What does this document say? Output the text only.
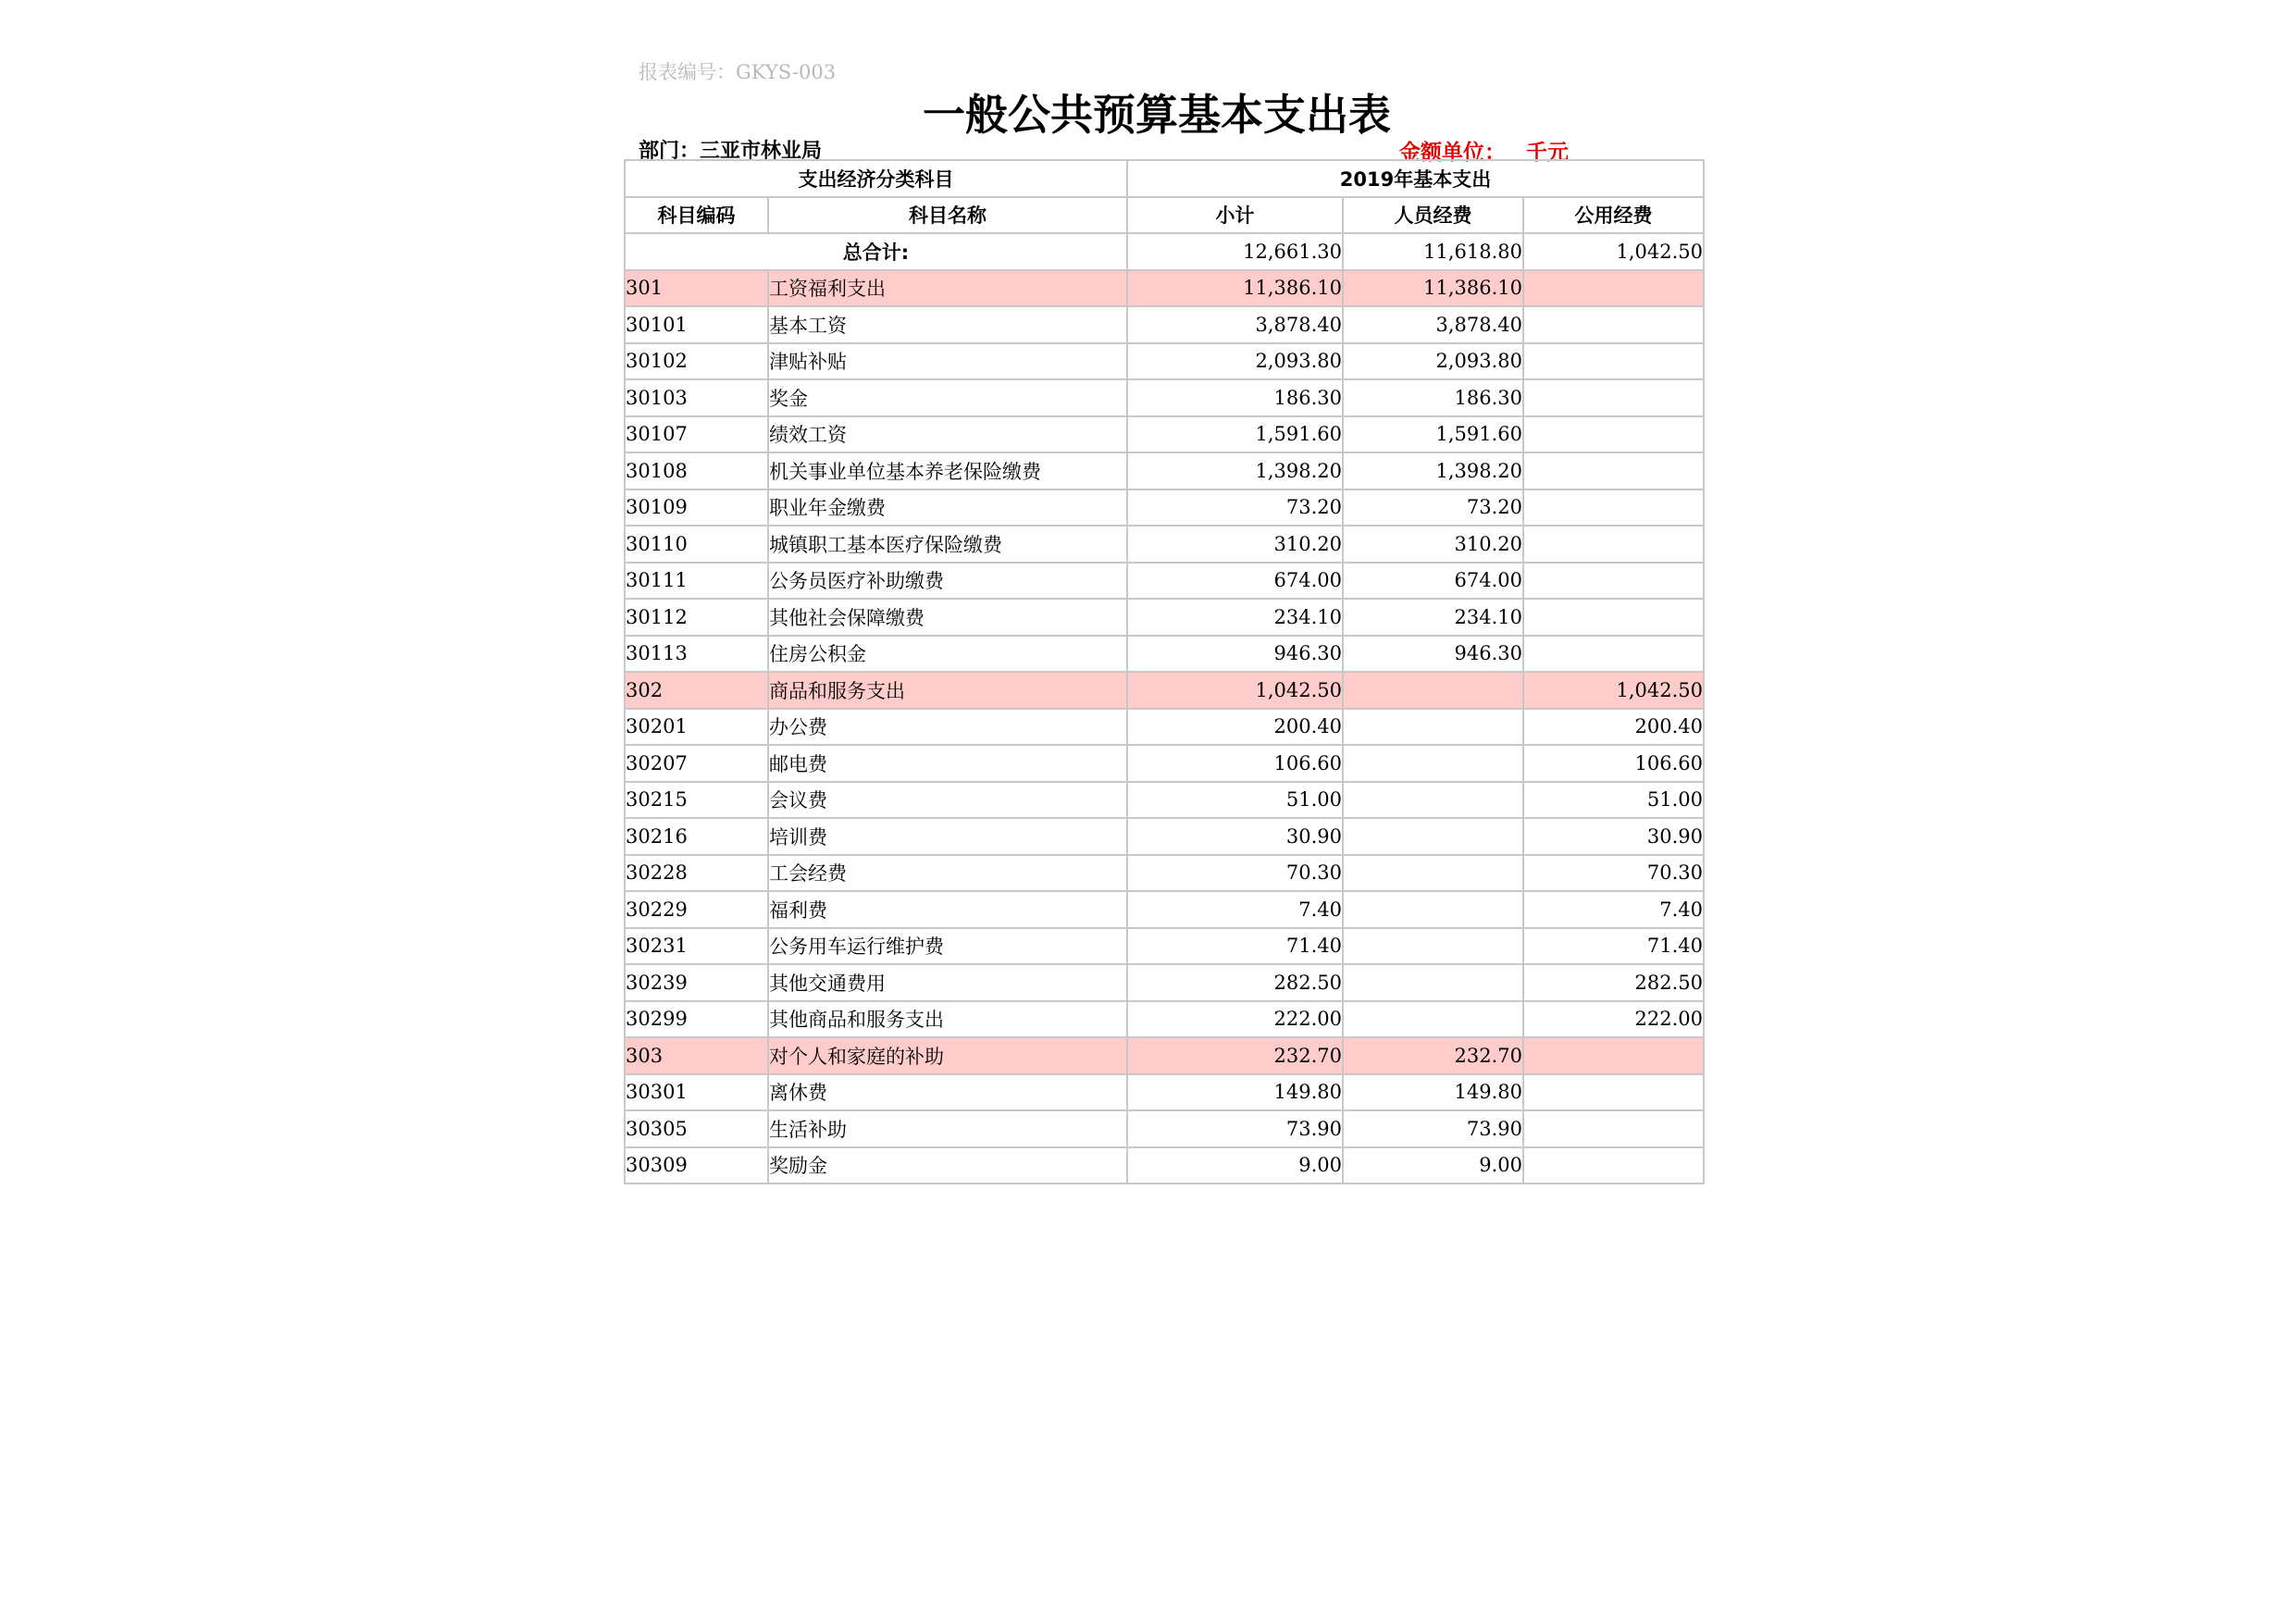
报表编号：GKYS-003
一般公共预算基本支出表
部门：三亚市林业局	金额单位： 千元
支出经济分类科目		2019年基本支出		
科目编码	科目名称	小计	人员经费	公用经费
总合计:		12,661.30	11,618.80	1,042.50
301	工资福利支出	11,386.10	11,386.10	
30101	基本工资	3,878.40	3,878.40	
30102	津贴补贴	2,093.80	2,093.80	
30103	奖金	186.30	186.30	
30107	绩效工资	1,591.60	1,591.60	
30108	机关事业单位基本养老保险缴费	1,398.20	1,398.20	
30109	职业年金缴费	73.20	73.20	
30110	城镇职工基本医疗保险缴费	310.20	310.20	
30111	公务员医疗补助缴费	674.00	674.00	
30112	其他社会保障缴费	234.10	234.10	
30113	住房公积金	946.30	946.30	
302	商品和服务支出	1,042.50		1,042.50
30201	办公费	200.40		200.40
30207	邮电费	106.60		106.60
30215	会议费	51.00		51.00
30216	培训费	30.90		30.90
30228	工会经费	70.30		70.30
30229	福利费	7.40		7.40
30231	公务用车运行维护费	71.40		71.40
30239	其他交通费用	282.50		282.50
30299	其他商品和服务支出	222.00		222.00
303	对个人和家庭的补助	232.70	232.70	
30301	离休费	149.80	149.80	
30305	生活补助	73.90	73.90	
30309	奖励金	9.00	9.00	
